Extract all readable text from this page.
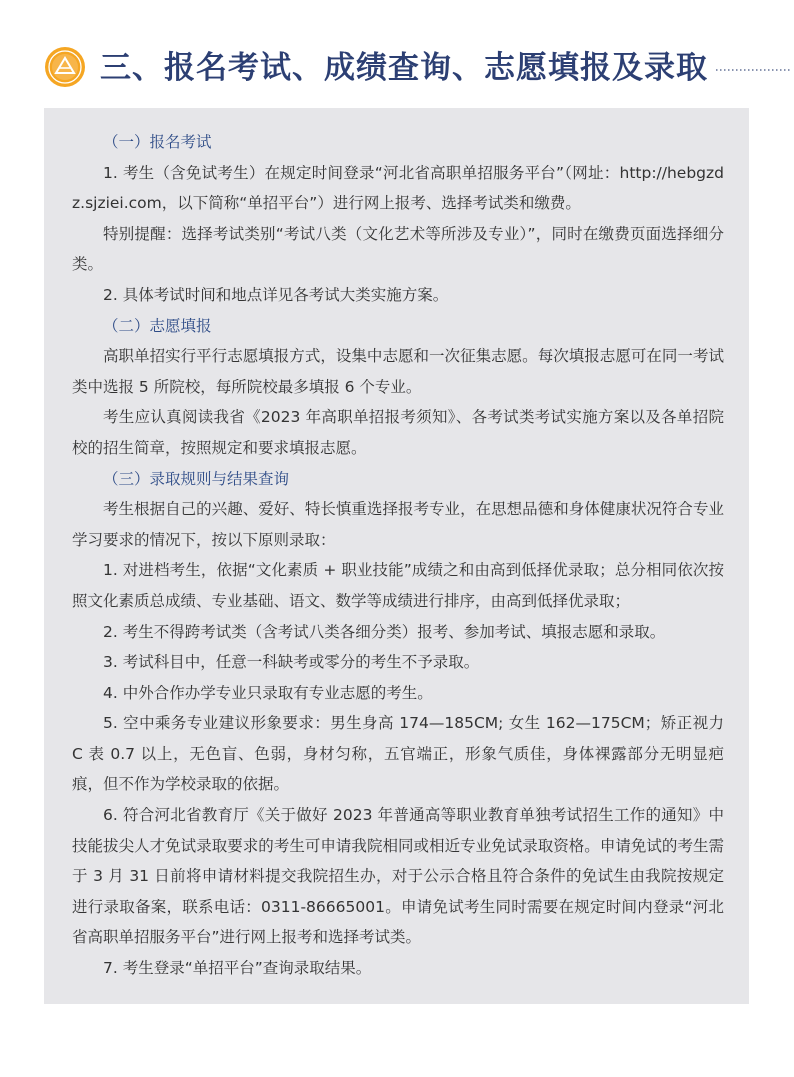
三、报名考试、成绩查询、志愿填报及录取

（一）报名考试

1. 考生（含免试考生）在规定时间登录“河北省高职单招服务平台”（网址：http://hebgzdz.sjziei.com，以下简称“单招平台”）进行网上报考、选择考试类和缴费。

特别提醒：选择考试类别“考试八类（文化艺术等所涉及专业）”，同时在缴费页面选择细分类。

2. 具体考试时间和地点详见各考试大类实施方案。

（二）志愿填报

高职单招实行平行志愿填报方式，设集中志愿和一次征集志愿。每次填报志愿可在同一考试类中选报 5 所院校，每所院校最多填报 6 个专业。

考生应认真阅读我省《2023 年高职单招报考须知》、各考试类考试实施方案以及各单招院校的招生简章，按照规定和要求填报志愿。

（三）录取规则与结果查询

考生根据自己的兴趣、爱好、特长慎重选择报考专业，在思想品德和身体健康状况符合专业学习要求的情况下，按以下原则录取：

1. 对进档考生，依据“文化素质 + 职业技能”成绩之和由高到低择优录取；总分相同依次按照文化素质总成绩、专业基础、语文、数学等成绩进行排序，由高到低择优录取；

2. 考生不得跨考试类（含考试八类各细分类）报考、参加考试、填报志愿和录取。

3. 考试科目中，任意一科缺考或零分的考生不予录取。

4. 中外合作办学专业只录取有专业志愿的考生。

5. 空中乘务专业建议形象要求：男生身高 174—185CM; 女生 162—175CM；矫正视力 C 表 0.7 以上，无色盲、色弱，身材匀称，五官端正，形象气质佳，身体裸露部分无明显疤痕，但不作为学校录取的依据。

6. 符合河北省教育厅《关于做好 2023 年普通高等职业教育单独考试招生工作的通知》中技能拔尖人才免试录取要求的考生可申请我院相同或相近专业免试录取资格。申请免试的考生需于 3 月 31 日前将申请材料提交我院招生办，对于公示合格且符合条件的免试生由我院按规定进行录取备案，联系电话：0311-86665001。申请免试考生同时需要在规定时间内登录“河北省高职单招服务平台”进行网上报考和选择考试类。

7. 考生登录“单招平台”查询录取结果。
